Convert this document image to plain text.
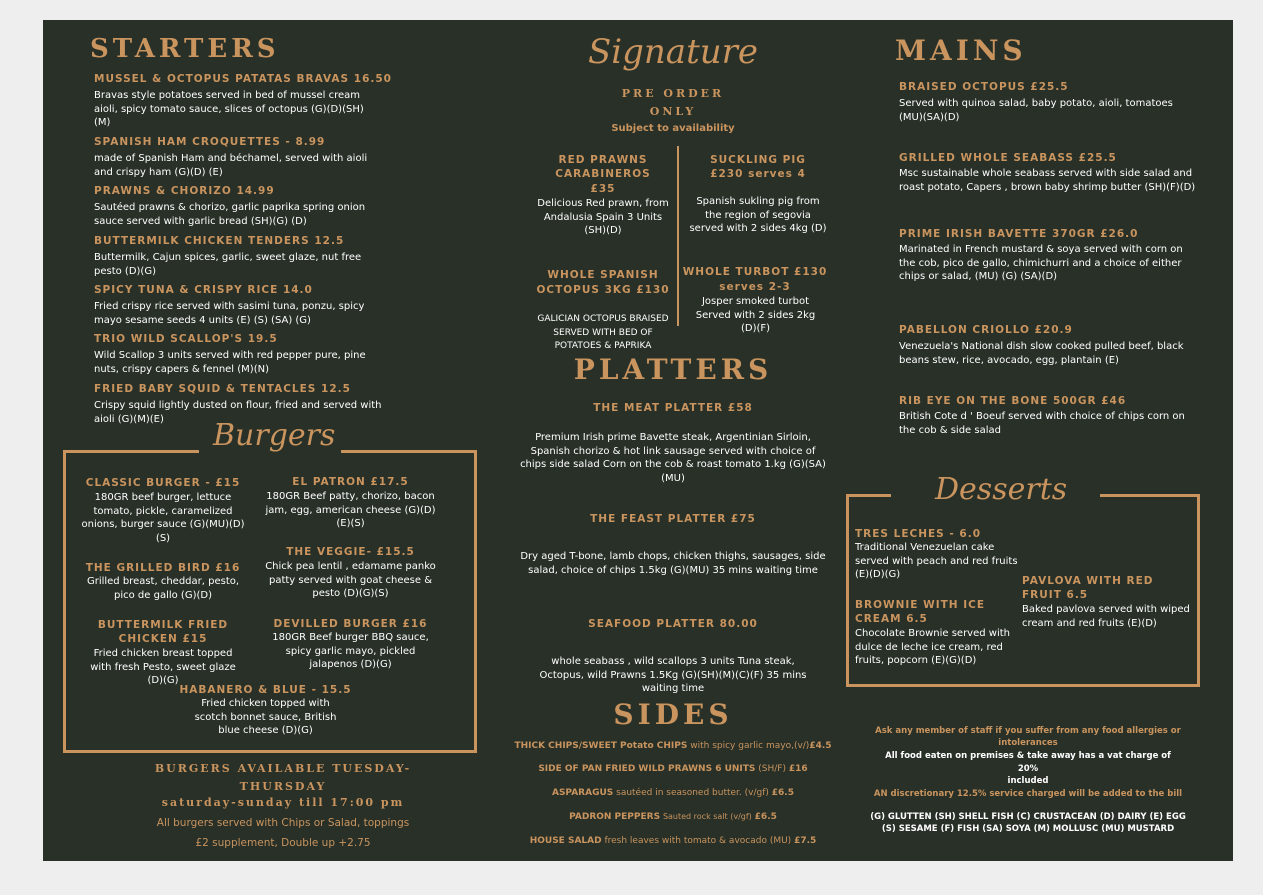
STARTERS
MUSSEL & OCTOPUS PATATAS BRAVAS 16.50
Bravas style potatoes served in bed of mussel cream aioli, spicy tomato sauce, slices of octopus (G)(D)(SH)(M)
SPANISH HAM CROQUETTES - 8.99
made of Spanish Ham and béchamel, served with aioli and crispy ham (G)(D) (E)
PRAWNS & CHORIZO 14.99
Sautéed prawns & chorizo, garlic paprika spring onion sauce served with garlic bread (SH)(G) (D)
BUTTERMILK CHICKEN TENDERS 12.5
Buttermilk, Cajun spices, garlic, sweet glaze, nut free pesto (D)(G)
SPICY TUNA & CRISPY RICE 14.0
Fried crispy rice served with sasimi tuna, ponzu, spicy mayo sesame seeds 4 units (E) (S) (SA) (G)
TRIO WILD SCALLOP'S 19.5
Wild Scallop 3 units served with red pepper pure, pine nuts, crispy capers & fennel (M)(N)
FRIED BABY SQUID & TENTACLES 12.5
Crispy squid lightly dusted on flour, fried and served with aioli (G)(M)(E)	Burgers
CLASSIC BURGER - £15
180GR beef burger, lettuce tomato, pickle, caramelized onions, burger sauce (G)(MU)(D)(S)
EL PATRON £17.5
180GR Beef patty, chorizo, bacon jam, egg, american cheese (G)(D)(E)(S)
THE GRILLED BIRD £16
Grilled breast, cheddar, pesto, pico de gallo (G)(D)
THE VEGGIE- £15.5
Chick pea lentil , edamame panko patty served with goat cheese & pesto (D)(G)(S)
BUTTERMILK FRIED CHICKEN £15
Fried chicken breast topped with fresh Pesto, sweet glaze (D)(G)
DEVILLED BURGER £16
180GR Beef burger BBQ sauce, spicy garlic mayo, pickled jalapenos (D)(G)
HABANERO & BLUE - 15.5
Fried chicken topped with scotch bonnet sauce, British blue cheese (D)(G)
BURGERS AVAILABLE TUESDAY-
THURSDAY
saturday-sunday till 17:00 pm
All burgers served with Chips or Salad, toppings
£2 supplement, Double up +2.75
Signature
PRE ORDER
ONLY
Subject to availability
RED PRAWNS
CARABINEROS
£35
Delicious Red prawn, from Andalusia Spain 3 Units (SH)(D)
SUCKLING PIG
£230 serves 4
Spanish sukling pig from the region of segovia served with 2 sides 4kg (D)
WHOLE SPANISH
OCTOPUS 3KG £130
GALICIAN OCTOPUS BRAISED SERVED WITH BED OF POTATOES & PAPRIKA
WHOLE TURBOT £130
serves 2-3
Josper smoked turbot Served with 2 sides 2kg (D)(F)
PLATTERS
THE MEAT PLATTER £58
Premium Irish prime Bavette steak, Argentinian Sirloin, Spanish chorizo & hot link sausage served with choice of chips side salad Corn on the cob & roast tomato 1.kg (G)(SA)(MU)
THE FEAST PLATTER £75
Dry aged T-bone, lamb chops, chicken thighs, sausages, side salad, choice of chips 1.5kg (G)(MU) 35 mins waiting time
SEAFOOD PLATTER 80.00
whole seabass , wild scallops 3 units Tuna steak, Octopus, wild Prawns 1.5Kg (G)(SH)(M)(C)(F) 35 mins waiting time
SIDES
THICK CHIPS/SWEET Potato CHIPS with spicy garlic mayo,(v/)£4.5
SIDE OF PAN FRIED WILD PRAWNS 6 UNITS (SH/F) £16
ASPARAGUS sautéed in seasoned butter. (v/gf) £6.5
PADRON PEPPERS Sauted rock salt (v/gf) £6.5
HOUSE SALAD fresh leaves with tomato & avocado (MU) £7.5
MAINS
BRAISED OCTOPUS £25.5
Served with quinoa salad, baby potato, aioli, tomatoes (MU)(SA)(D)
GRILLED WHOLE SEABASS £25.5
Msc sustainable whole seabass served with side salad and roast potato, Capers , brown baby shrimp butter (SH)(F)(D)
PRIME IRISH BAVETTE 370GR £26.0
Marinated in French mustard & soya served with corn on the cob, pico de gallo, chimichurri and a choice of either chips or salad, (MU) (G) (SA)(D)
PABELLON CRIOLLO £20.9
Venezuela's National dish slow cooked pulled beef, black beans stew, rice, avocado, egg, plantain (E)
RIB EYE ON THE BONE 500GR £46
British Cote d ' Boeuf served with choice of chips corn on the cob & side salad
Desserts
TRES LECHES - 6.0
Traditional Venezuelan cake served with peach and red fruits (E)(D)(G)
PAVLOVA WITH RED FRUIT 6.5
Baked pavlova served with wiped cream and red fruits (E)(D)
BROWNIE WITH ICE CREAM 6.5
Chocolate Brownie served with dulce de leche ice cream, red fruits, popcorn (E)(G)(D)
Ask any member of staff if you suffer from any food allergies or intolerances
All food eaten on premises & take away has a vat charge of
20%
included
AN discretionary 12.5% service charged will be added to the bill
(G) GLUTTEN (SH) SHELL FISH (C) CRUSTACEAN (D) DAIRY (E) EGG
(S) SESAME (F) FISH (SA) SOYA (M) MOLLUSC (MU) MUSTARD
